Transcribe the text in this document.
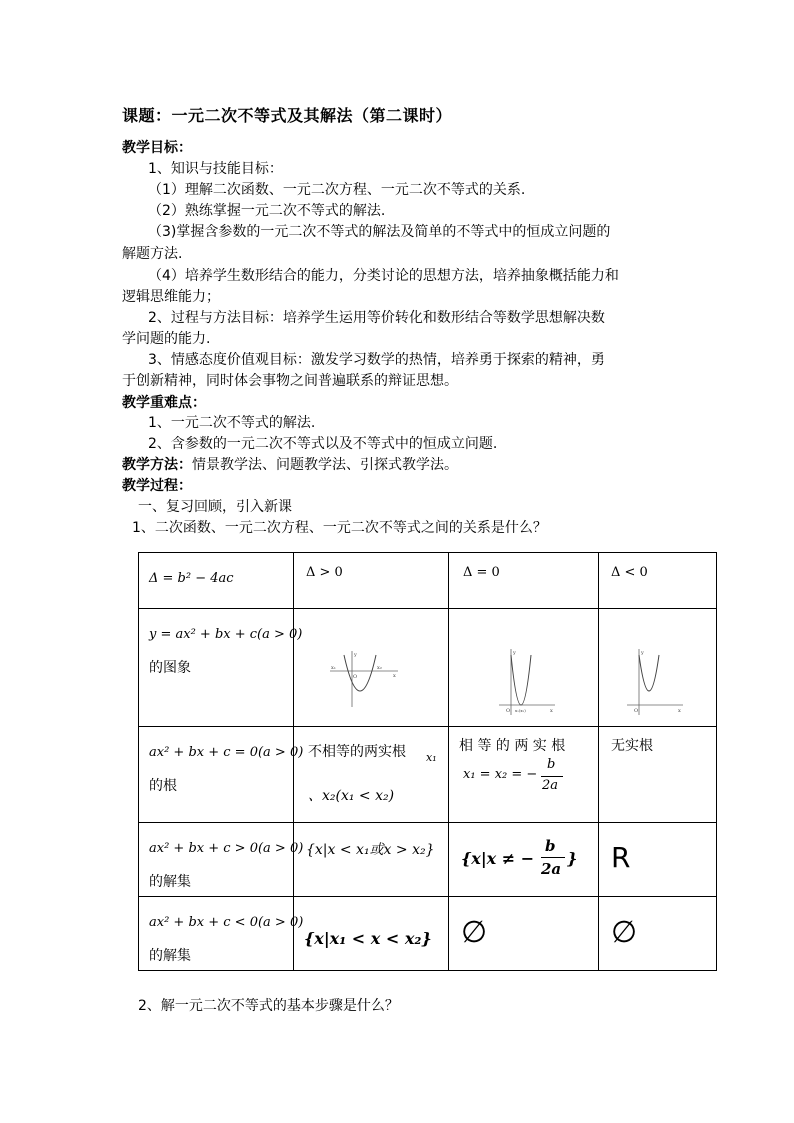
课题：一元二次不等式及其解法（第二课时）
教学目标：
1、知识与技能目标：
（1）理解二次函数、一元二次方程、一元二次不等式的关系.
（2）熟练掌握一元二次不等式的解法.
（3)掌握含参数的一元二次不等式的解法及简单的不等式中的恒成立问题的
解题方法.
（4）培养学生数形结合的能力，分类讨论的思想方法，培养抽象概括能力和
逻辑思维能力；
2、过程与方法目标：培养学生运用等价转化和数形结合等数学思想解决数
学问题的能力.
3、情感态度价值观目标：激发学习数学的热情，培养勇于探索的精神，勇
于创新精神，同时体会事物之间普遍联系的辩证思想。
教学重难点：
1、一元二次不等式的解法.
2、含参数的一元二次不等式以及不等式中的恒成立问题.
教学方法：情景教学法、问题教学法、引探式教学法。
教学过程：
一、复习回顾，引入新课
1、二次函数、一元二次方程、一元二次不等式之间的关系是什么？
Δ = b² − 4ac	Δ > 0	Δ = 0	Δ < 0

y = ax² + bx + c(a > 0)
的图象	y
x
x₁ x₂
O	y
x
O x₁(x₂)	y
x
O

ax² + bx + c = 0(a > 0)
的根	不相等的两实根 x₁
、x₂(x₁ < x₂)	相 等 的 两 实 根
x₁ = x₂ = −
b
2a	无实根

ax² + bx + c > 0(a > 0)
的解集	{x|x < x₁或x > x₂}	{x|x ≠ −
b
2a
}	R

ax² + bx + c < 0(a > 0)
的解集	{x|x₁ < x < x₂}	∅	∅
2、解一元二次不等式的基本步骤是什么？
